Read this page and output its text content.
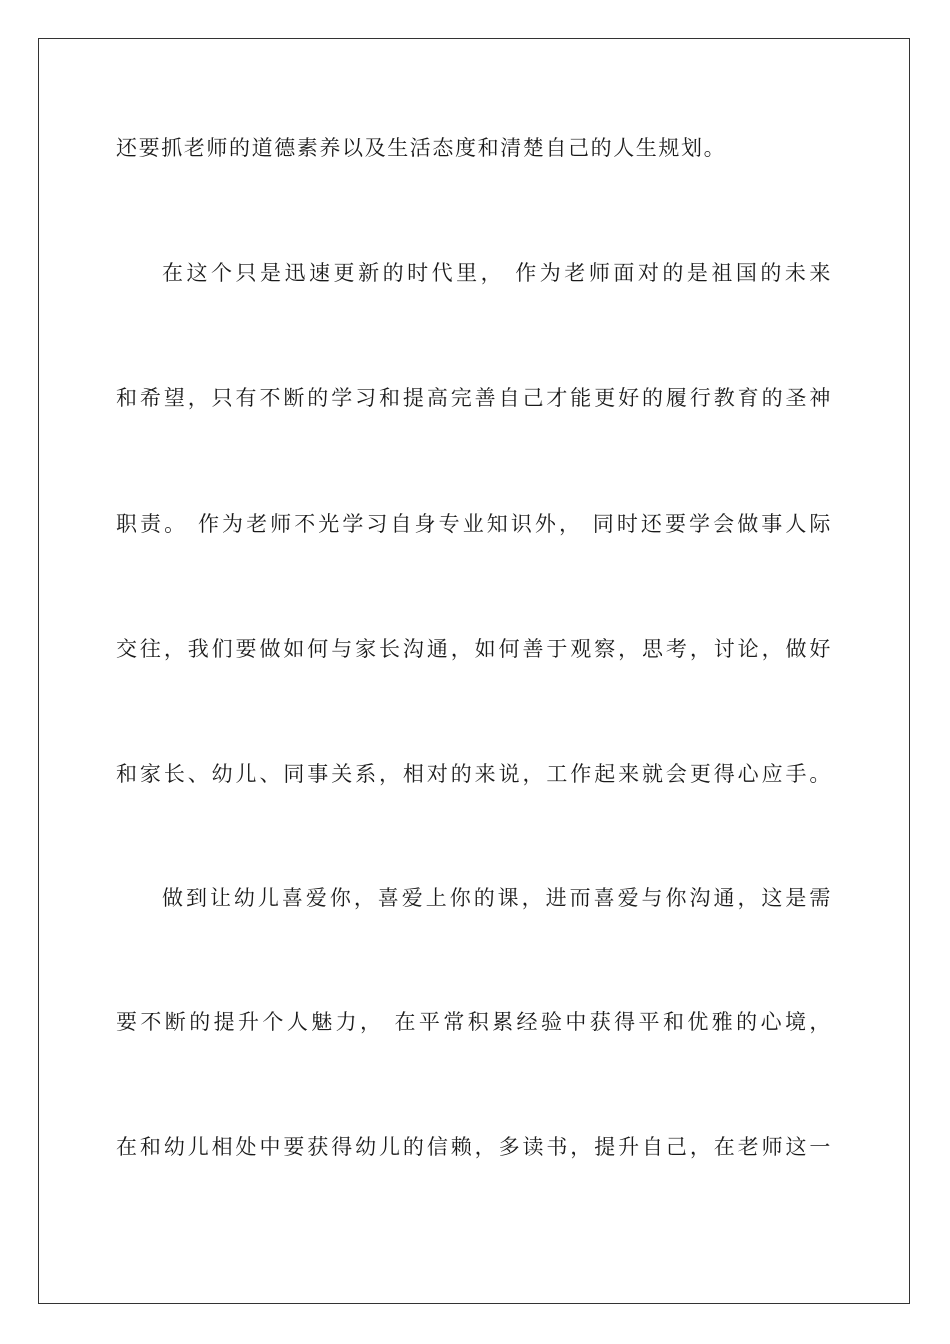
还要抓老师的道德素养以及生活态度和清楚自己的人生规划。
在这个只是迅速更新的时代里， 作为老师面对的是祖国的未来
和希望，只有不断的学习和提高完善自己才能更好的履行教育的圣神
职责。 作为老师不光学习自身专业知识外， 同时还要学会做事人际
交往，我们要做如何与家长沟通，如何善于观察，思考，讨论，做好
和家长、幼儿、同事关系，相对的来说，工作起来就会更得心应手。
做到让幼儿喜爱你，喜爱上你的课，进而喜爱与你沟通，这是需
要不断的提升个人魅力， 在平常积累经验中获得平和优雅的心境，
在和幼儿相处中要获得幼儿的信赖，多读书，提升自己，在老师这一
